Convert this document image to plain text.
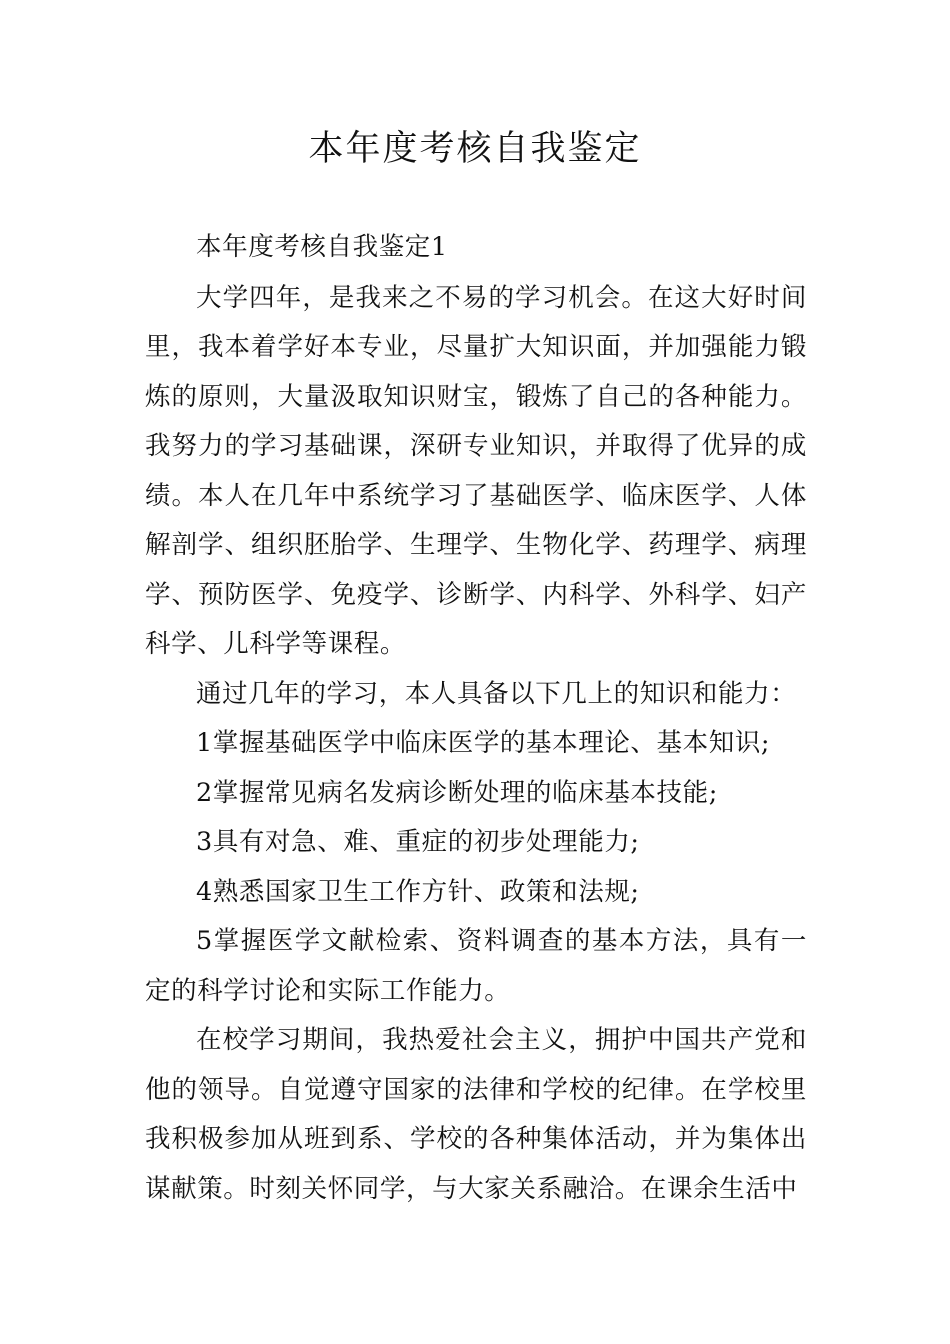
本年度考核自我鉴定

本年度考核自我鉴定1

大学四年，是我来之不易的学习机会。在这大好时间里，我本着学好本专业，尽量扩大知识面，并加强能力锻炼的原则，大量汲取知识财宝，锻炼了自己的各种能力。我努力的学习基础课，深研专业知识，并取得了优异的成绩。本人在几年中系统学习了基础医学、临床医学、人体解剖学、组织胚胎学、生理学、生物化学、药理学、病理学、预防医学、免疫学、诊断学、内科学、外科学、妇产科学、儿科学等课程。

通过几年的学习，本人具备以下几上的知识和能力：

1掌握基础医学中临床医学的基本理论、基本知识;

2掌握常见病名发病诊断处理的临床基本技能;

3具有对急、难、重症的初步处理能力;

4熟悉国家卫生工作方针、政策和法规;

5掌握医学文献检索、资料调查的基本方法，具有一定的科学讨论和实际工作能力。

在校学习期间，我热爱社会主义，拥护中国共产党和他的领导。自觉遵守国家的法律和学校的纪律。在学校里我积极参加从班到系、学校的各种集体活动，并为集体出谋献策。时刻关怀同学，与大家关系融洽。在课余生活中
